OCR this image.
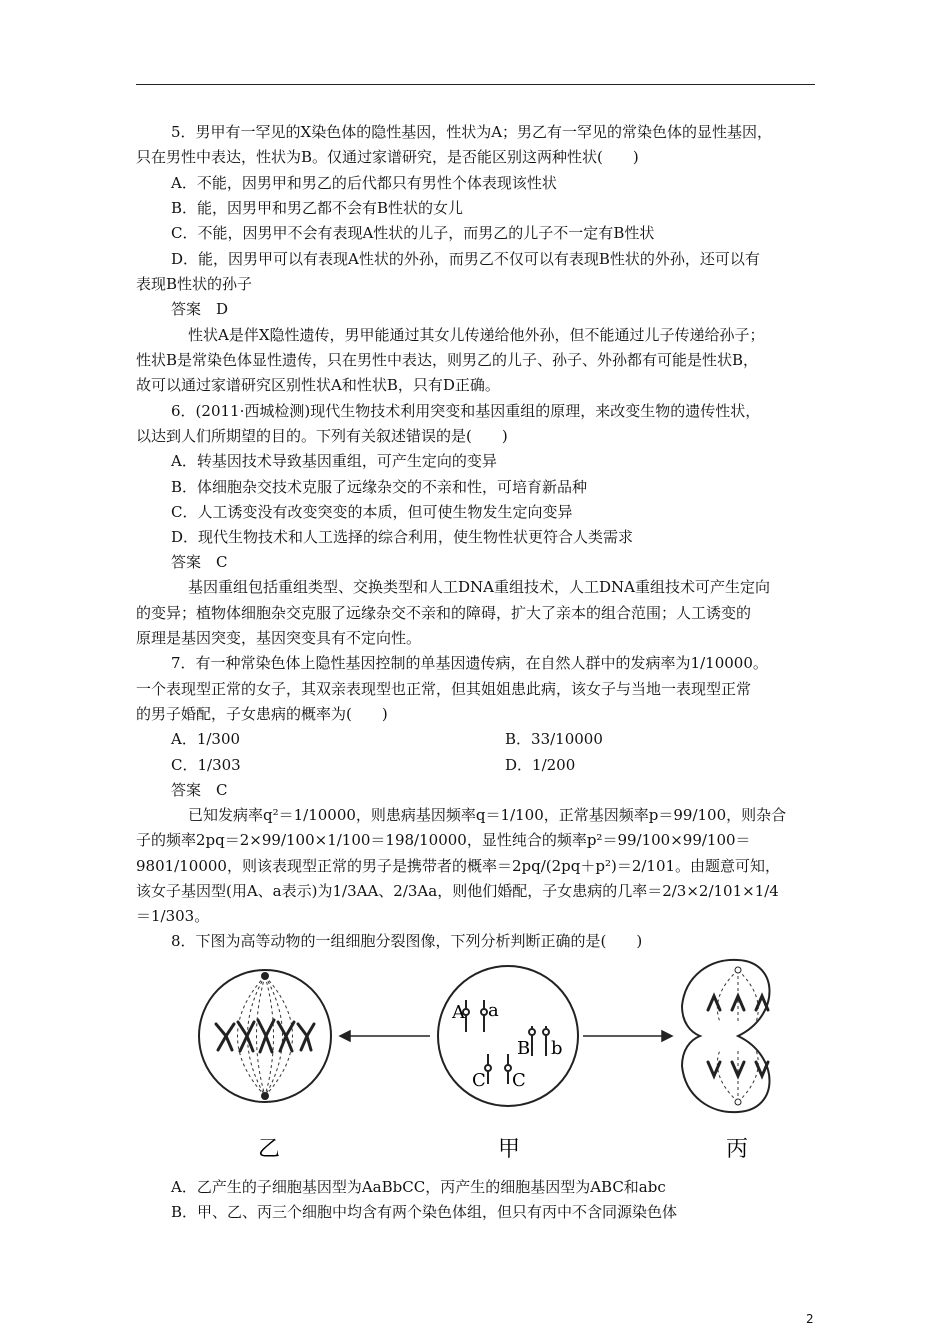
5．男甲有一罕见的X染色体的隐性基因，性状为A；男乙有一罕见的常染色体的显性基因，
只在男性中表达，性状为B。仅通过家谱研究，是否能区别这两种性状(　　)
A．不能，因男甲和男乙的后代都只有男性个体表现该性状
B．能，因男甲和男乙都不会有B性状的女儿
C．不能，因男甲不会有表现A性状的儿子，而男乙的儿子不一定有B性状
D．能，因男甲可以有表现A性状的外孙，而男乙不仅可以有表现B性状的外孙，还可以有
表现B性状的孙子
答案　D
性状A是伴X隐性遗传，男甲能通过其女儿传递给他外孙，但不能通过儿子传递给孙子；
性状B是常染色体显性遗传，只在男性中表达，则男乙的儿子、孙子、外孙都有可能是性状B，
故可以通过家谱研究区别性状A和性状B，只有D正确。
6．(2011·西城检测)现代生物技术利用突变和基因重组的原理，来改变生物的遗传性状，
以达到人们所期望的目的。下列有关叙述错误的是(　　)
A．转基因技术导致基因重组，可产生定向的变异
B．体细胞杂交技术克服了远缘杂交的不亲和性，可培育新品种
C．人工诱变没有改变突变的本质，但可使生物发生定向变异
D．现代生物技术和人工选择的综合利用，使生物性状更符合人类需求
答案　C
基因重组包括重组类型、交换类型和人工DNA重组技术，人工DNA重组技术可产生定向
的变异；植物体细胞杂交克服了远缘杂交不亲和的障碍，扩大了亲本的组合范围；人工诱变的
原理是基因突变，基因突变具有不定向性。
7．有一种常染色体上隐性基因控制的单基因遗传病，在自然人群中的发病率为1/10000。
一个表现型正常的女子，其双亲表现型也正常，但其姐姐患此病，该女子与当地一表现型正常
的男子婚配，子女患病的概率为(　　)
A．1/300	B．33/10000
C．1/303	D．1/200
答案　C
已知发病率q²＝1/10000，则患病基因频率q＝1/100，正常基因频率p＝99/100，则杂合
子的频率2pq＝2×99/100×1/100＝198/10000，显性纯合的频率p²＝99/100×99/100＝
9801/10000，则该表现型正常的男子是携带者的概率＝2pq/(2pq＋p²)＝2/101。由题意可知，
该女子基因型(用A、a表示)为1/3AA、2/3Aa，则他们婚配，子女患病的几率＝2/3×2/101×1/4
＝1/303。
8．下图为高等动物的一组细胞分裂图像，下列分析判断正确的是(　　)
乙
A a
B b
C C
甲	丙
A．乙产生的子细胞基因型为AaBbCC，丙产生的细胞基因型为ABC和abc
B．甲、乙、丙三个细胞中均含有两个染色体组，但只有丙中不含同源染色体
2
